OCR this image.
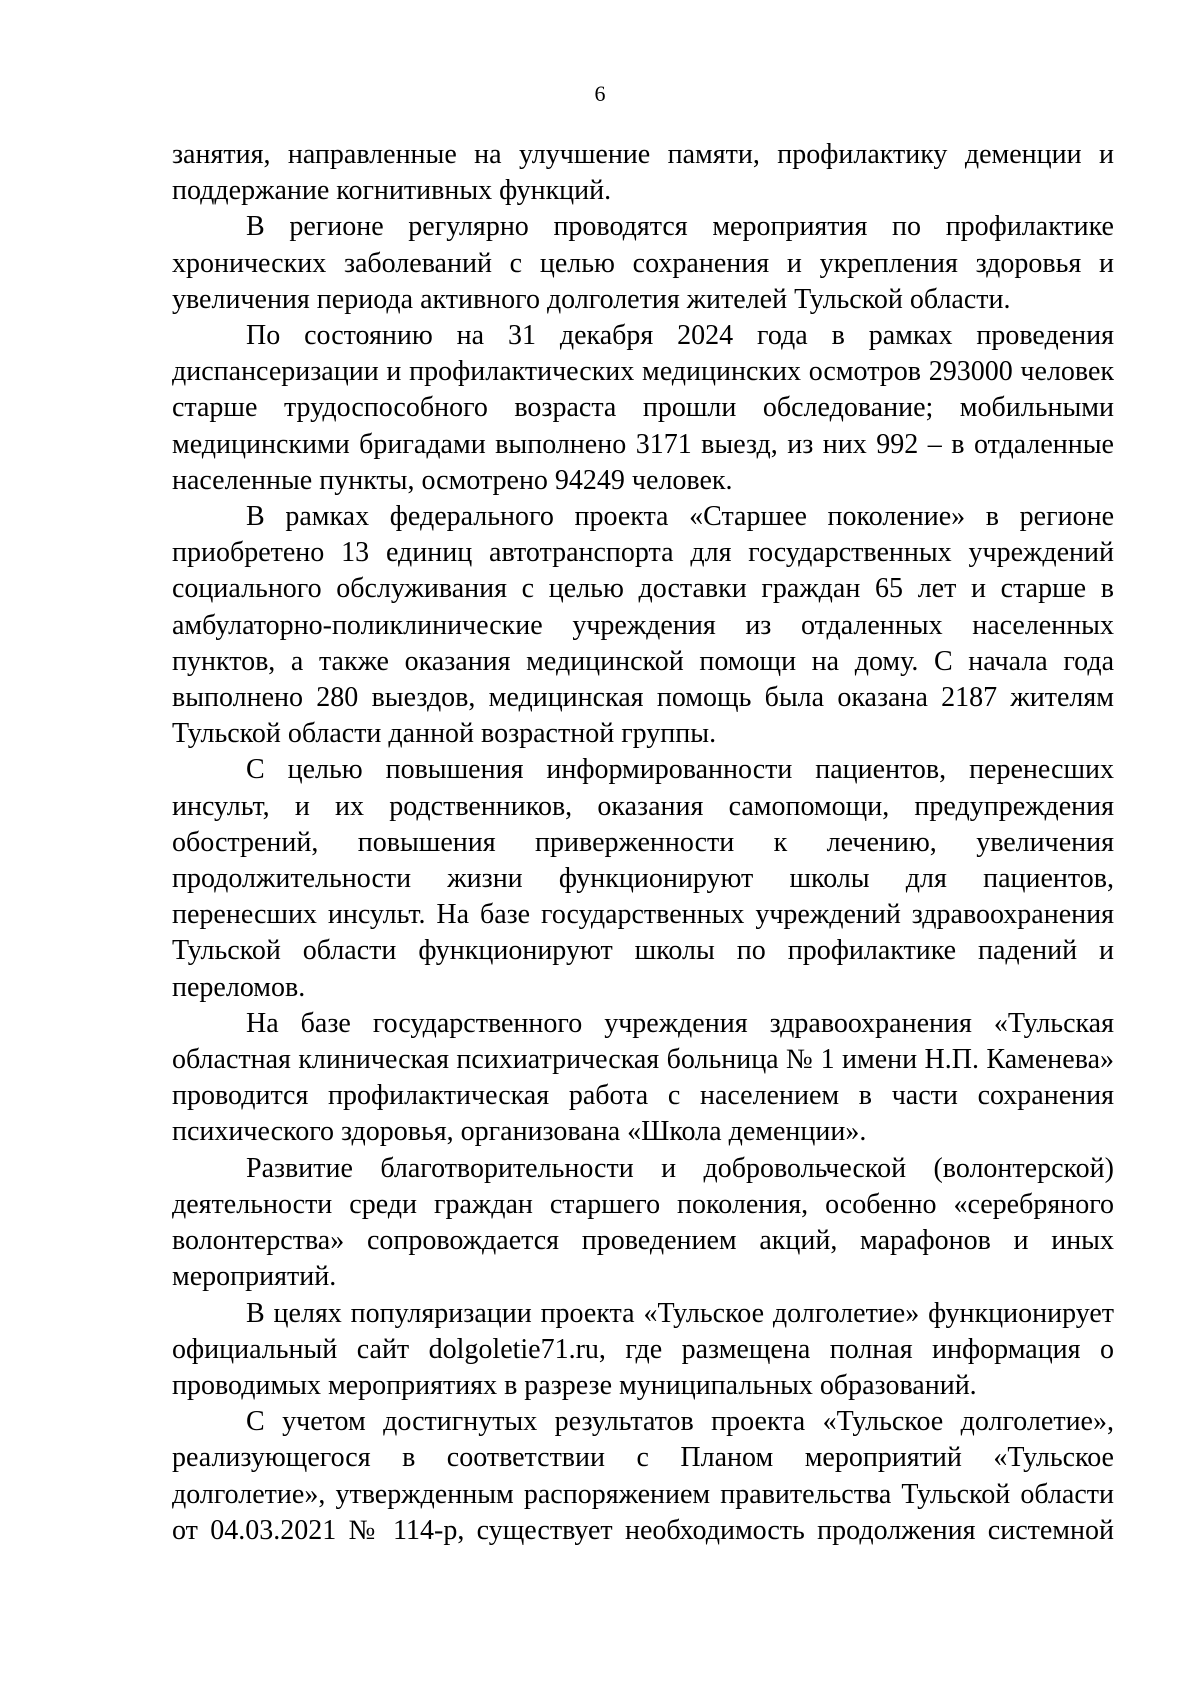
6

занятия, направленные на улучшение памяти, профилактику деменции и поддержание когнитивных функций.

В регионе регулярно проводятся мероприятия по профилактике хронических заболеваний с целью сохранения и укрепления здоровья и увеличения периода активного долголетия жителей Тульской области.

По состоянию на 31 декабря 2024 года в рамках проведения диспансеризации и профилактических медицинских осмотров 293000 человек старше трудоспособного возраста прошли обследование; мобильными медицинскими бригадами выполнено 3171 выезд, из них 992 – в отдаленные населенные пункты, осмотрено 94249 человек.

В рамках федерального проекта «Старшее поколение» в регионе приобретено 13 единиц автотранспорта для государственных учреждений социального обслуживания с целью доставки граждан 65 лет и старше в амбулаторно-поликлинические учреждения из отдаленных населенных пунктов, а также оказания медицинской помощи на дому. С начала года выполнено 280 выездов, медицинская помощь была оказана 2187 жителям Тульской области данной возрастной группы.

С целью повышения информированности пациентов, перенесших инсульт, и их родственников, оказания самопомощи, предупреждения обострений, повышения приверженности к лечению, увеличения продолжительности жизни функционируют школы для пациентов, перенесших инсульт. На базе государственных учреждений здравоохранения Тульской области функционируют школы по профилактике падений и переломов.

На базе государственного учреждения здравоохранения «Тульская областная клиническая психиатрическая больница № 1 имени Н.П. Каменева» проводится профилактическая работа с населением в части сохранения психического здоровья, организована «Школа деменции».

Развитие благотворительности и добровольческой (волонтерской) деятельности среди граждан старшего поколения, особенно «серебряного волонтерства» сопровождается проведением акций, марафонов и иных мероприятий.

В целях популяризации проекта «Тульское долголетие» функционирует официальный сайт dolgoletie71.ru, где размещена полная информация о проводимых мероприятиях в разрезе муниципальных образований.

С учетом достигнутых результатов проекта «Тульское долголетие», реализующегося в соответствии с Планом мероприятий «Тульское долголетие», утвержденным распоряжением правительства Тульской области от 04.03.2021 № 114-р, существует необходимость продолжения системной
